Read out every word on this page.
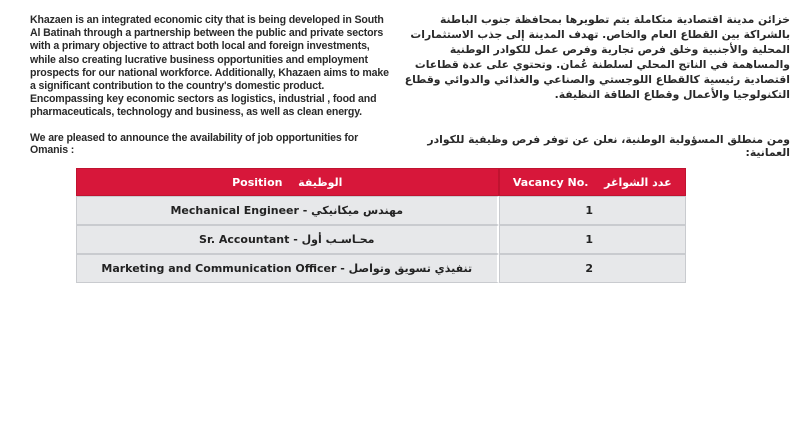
Khazaen is an integrated economic city that is being developed in South Al Batinah through a partnership between the public and private sectors with a primary objective to attract both local and foreign investments, while also creating lucrative business opportunities and employment prospects for our national workforce. Additionally, Khazaen aims to make a significant contribution to the country's domestic product. Encompassing key economic sectors as logistics, industrial , food and pharmaceuticals, technology and business, as well as clean energy.

We are pleased to announce the availability of job opportunities for Omanis :

خزائن مدينة اقتصادية متكاملة يتم تطويرها بمحافظة جنوب الباطنة بالشراكة بين القطاع العام والخاص. تهدف المدينة إلى جذب الاستثمارات المحلية والأجنبية وخلق فرص تجارية وفرص عمل للكوادر الوطنية والمساهمة في الناتج المحلي لسلطنة عُمان. وتحتوي على عدة قطاعات اقتصادية رئيسية كالقطاع اللوجستي والصناعي والغذائي والدوائي وقطاع التكنولوجيا والأعمال وقطاع الطاقة النظيفة.

ومن منطلق المسؤولية الوطنية، نعلن عن توفر فرص وظيفية للكوادر العمانية:

Position الوظيفة	Vacancy No. عدد الشواغر
Mechanical Engineer - مهندس ميكانيكي	1
Sr. Accountant - محـاسـب أول	1
Marketing and Communication Officer - تنفيذي تسويق وتواصل	2
